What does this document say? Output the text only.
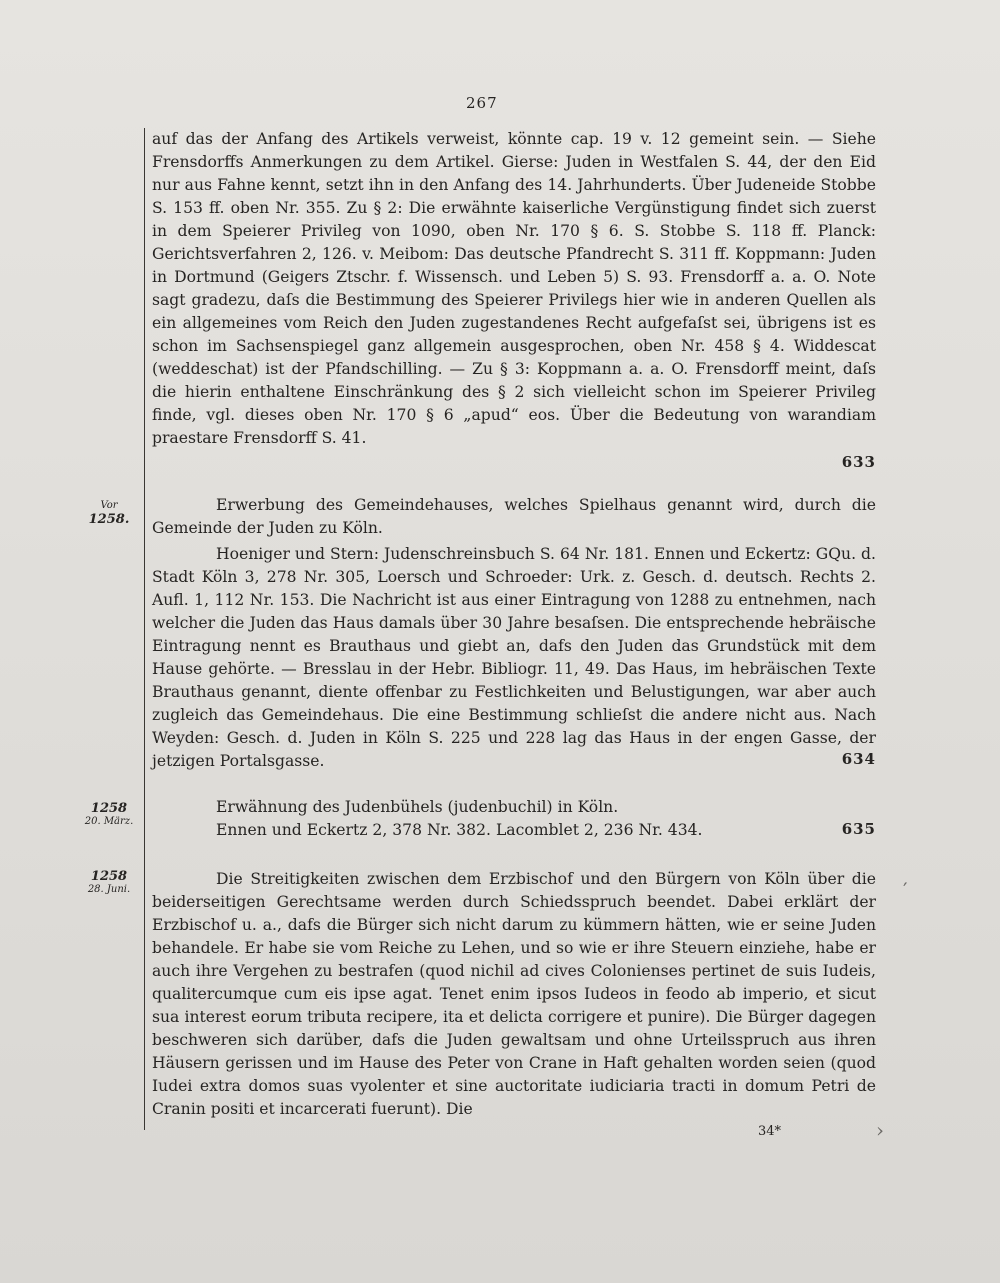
267

auf das der Anfang des Artikels verweist, könnte cap. 19 v. 12 gemeint sein. — Siehe Frensdorffs Anmerkungen zu dem Artikel. Gierse: Juden in Westfalen S. 44, der den Eid nur aus Fahne kennt, setzt ihn in den Anfang des 14. Jahrhunderts. Über Judeneide Stobbe S. 153 ff. oben Nr. 355. Zu § 2: Die erwähnte kaiserliche Vergünstigung findet sich zuerst in dem Speierer Privileg von 1090, oben Nr. 170 § 6. S. Stobbe S. 118 ff. Planck: Gerichtsverfahren 2, 126. v. Meibom: Das deutsche Pfandrecht S. 311 ff. Koppmann: Juden in Dortmund (Geigers Ztschr. f. Wissensch. und Leben 5) S. 93. Frensdorff a. a. O. Note sagt gradezu, daſs die Bestimmung des Speierer Privilegs hier wie in anderen Quellen als ein allgemeines vom Reich den Juden zugestandenes Recht aufgefaſst sei, übrigens ist es schon im Sachsenspiegel ganz allgemein ausgesprochen, oben Nr. 458 § 4. Widdescat (weddeschat) ist der Pfandschilling. — Zu § 3: Koppmann a. a. O. Frensdorff meint, daſs die hierin enthaltene Einschränkung des § 2 sich vielleicht schon im Speierer Privileg finde, vgl. dieses oben Nr. 170 § 6 „apud“ eos. Über die Bedeutung von warandiam praestare Frensdorff S. 41.

633
Vor
1258.

Erwerbung des Gemeindehauses, welches Spielhaus genannt wird, durch die Gemeinde der Juden zu Köln.

Hoeniger und Stern: Judenschreinsbuch S. 64 Nr. 181. Ennen und Eckertz: GQu. d. Stadt Köln 3, 278 Nr. 305, Loersch und Schroeder: Urk. z. Gesch. d. deutsch. Rechts 2. Aufl. 1, 112 Nr. 153. Die Nachricht ist aus einer Eintragung von 1288 zu entnehmen, nach welcher die Juden das Haus damals über 30 Jahre besaſsen. Die entsprechende hebräische Eintragung nennt es Brauthaus und giebt an, dafs den Juden das Grundstück mit dem Hause gehörte. — Bresslau in der Hebr. Bibliogr. 11, 49. Das Haus, im hebräischen Texte Brauthaus genannt, diente offenbar zu Festlichkeiten und Belustigungen, war aber auch zugleich das Gemeindehaus. Die eine Bestimmung schlieſst die andere nicht aus. Nach Weyden: Gesch. d. Juden in Köln S. 225 und 228 lag das Haus in der engen Gasse, der jetzigen Portalsgasse.	634
1258
20. März.

Erwähnung des Judenbühels (judenbuchil) in Köln.

Ennen und Eckertz 2, 378 Nr. 382. Lacomblet 2, 236 Nr. 434.	635
1258
28. Juni.

Die Streitigkeiten zwischen dem Erzbischof und den Bürgern von Köln über die beiderseitigen Gerechtsame werden durch Schiedsspruch beendet. Dabei erklärt der Erzbischof u. a., dafs die Bürger sich nicht darum zu kümmern hätten, wie er seine Juden behandele. Er habe sie vom Reiche zu Lehen, und so wie er ihre Steuern einziehe, habe er auch ihre Vergehen zu bestrafen (quod nichil ad cives Colonienses pertinet de suis Iudeis, qualitercumque cum eis ipse agat. Tenet enim ipsos Iudeos in feodo ab imperio, et sicut sua interest eorum tributa recipere, ita et delicta corrigere et punire). Die Bürger dagegen beschweren sich darüber, dafs die Juden gewaltsam und ohne Urteilsspruch aus ihren Häusern gerissen und im Hause des Peter von Crane in Haft gehalten worden seien (quod Iudei extra domos suas vyolenter et sine auctoritate iudiciaria tracti in domum Petri de Cranin positi et incarcerati fuerunt). Die

34*
′
›
